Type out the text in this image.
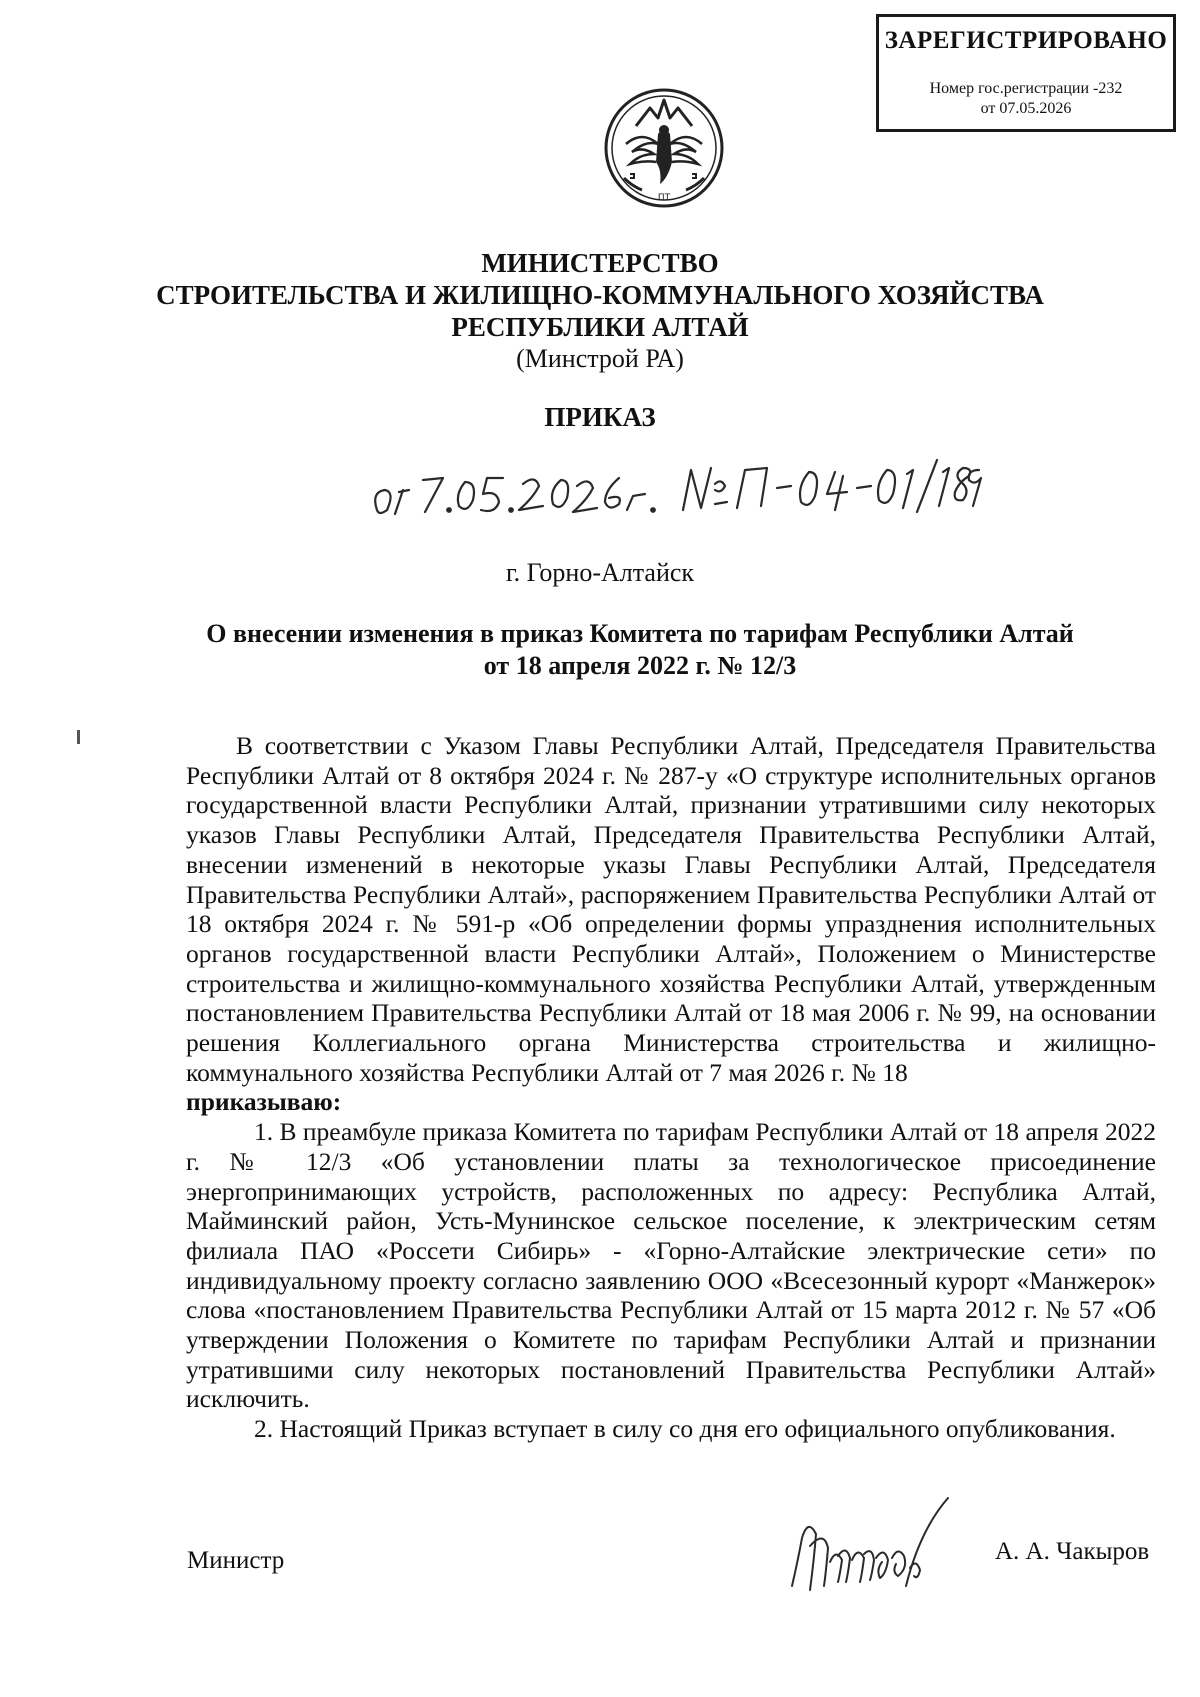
ЗАРЕГИСТРИРОВАНО
Номер гос.регистрации -232
от 07.05.2026
ПТ
МИНИСТЕРСТВО
СТРОИТЕЛЬСТВА И ЖИЛИЩНО-КОММУНАЛЬНОГО ХОЗЯЙСТВА
РЕСПУБЛИКИ АЛТАЙ
(Минстрой РА)
ПРИКАЗ
г. Горно-Алтайск
О внесении изменения в приказ Комитета по тарифам Республики Алтай
от 18 апреля 2022 г. № 12/3

В соответствии с Указом Главы Республики Алтай, Председателя Правительства Республики Алтай от 8 октября 2024 г. № 287-у «О структуре исполнительных органов государственной власти Республики Алтай, признании утратившими силу некоторых указов Главы Республики Алтай, Председателя Правительства Республики Алтай, внесении изменений в некоторые указы Главы Республики Алтай, Председателя Правительства Республики Алтай», распоряжением Правительства Республики Алтай от 18 октября 2024 г. № 591-р «Об определении формы упразднения исполнительных органов государственной власти Республики Алтай», Положением о Министерстве строительства и жилищно-коммунального хозяйства Республики Алтай, утвержденным постановлением Правительства Республики Алтай от 18 мая 2006 г. № 99, на основании решения Коллегиального органа Министерства строительства и жилищно-коммунального хозяйства Республики Алтай от 7 мая 2026 г. № 18

приказываю:

1. В преамбуле приказа Комитета по тарифам Республики Алтай от 18 апреля 2022 г. № 12/3 «Об установлении платы за технологическое присоединение энергопринимающих устройств, расположенных по адресу: Республика Алтай, Майминский район, Усть-Мунинское сельское поселение, к электрическим сетям филиала ПАО «Россети Сибирь» - «Горно-Алтайские электрические сети» по индивидуальному проекту согласно заявлению ООО «Всесезонный курорт «Манжерок» слова «постановлением Правительства Республики Алтай от 15 марта 2012 г. № 57 «Об утверждении Положения о Комитете по тарифам Республики Алтай и признании утратившими силу некоторых постановлений Правительства Республики Алтай» исключить.

2. Настоящий Приказ вступает в силу со дня его официального опубликования.

Министр	А. А. Чакыров
